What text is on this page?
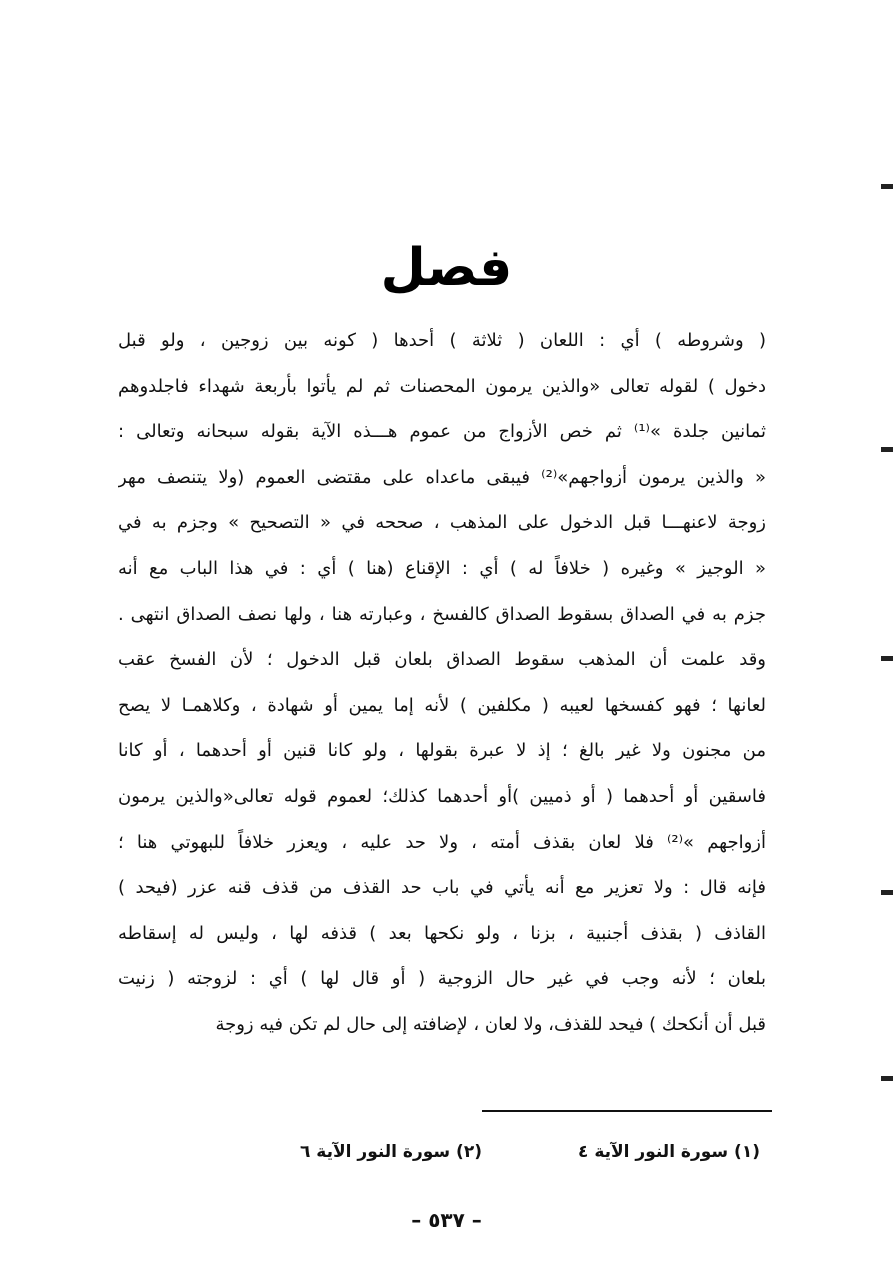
فصل
( وشروطه ) أي : اللعان ( ثلاثة ) أحدها ( كونه بين زوجين ، ولو قبل
دخول ) لقوله تعالى «والذين يرمون المحصنات ثم لم يأتوا بأربعة شهداء فاجلدوهم
ثمانين جلدة »⁽¹⁾ ثم خص الأزواج من عموم هـــذه الآية بقوله سبحانه وتعالى :
« والذين يرمون أزواجهم»⁽²⁾ فيبقى ماعداه على مقتضى العموم (ولا يتنصف مهر
زوجة لاعنهـــا قبل الدخول على المذهب ، صححه في « التصحيح » وجزم به في
« الوجيز » وغيره ( خلافاً له ) أي : الإقناع (هنا ) أي : في هذا الباب مع أنه
جزم به في الصداق بسقوط الصداق كالفسخ ، وعبارته هنا ، ولها نصف الصداق انتهى .
وقد علمت أن المذهب سقوط الصداق بلعان قبل الدخول ؛ لأن الفسخ عقب
لعانها ؛ فهو كفسخها لعيبه ( مكلفين ) لأنه إما يمين أو شهادة ، وكلاهمـا لا يصح
من مجنون ولا غير بالغ ؛ إذ لا عبرة بقولها ، ولو كانا قنين أو أحدهما ، أو كانا
فاسقين أو أحدهما ( أو ذميين )أو أحدهما كذلك؛ لعموم قوله تعالى«والذين يرمون
أزواجهم »⁽²⁾ فلا لعان بقذف أمته ، ولا حد عليه ، ويعزر خلافاً للبهوتي هنا ؛
فإنه قال : ولا تعزير مع أنه يأتي في باب حد القذف من قذف قنه عزر (فيحد )
القاذف ( بقذف أجنبية ، بزنا ، ولو نكحها بعد ) قذفه لها ، وليس له إسقاطه
بلعان ؛ لأنه وجب في غير حال الزوجية ( أو قال لها ) أي : لزوجته ( زنيت
قبل أن أنكحك ) فيحد للقذف، ولا لعان ، لإضافته إلى حال لم تكن فيه زوجة
(١) سورة النور الآية ٤
(٢) سورة النور الآية ٦
– ٥٣٧ –
